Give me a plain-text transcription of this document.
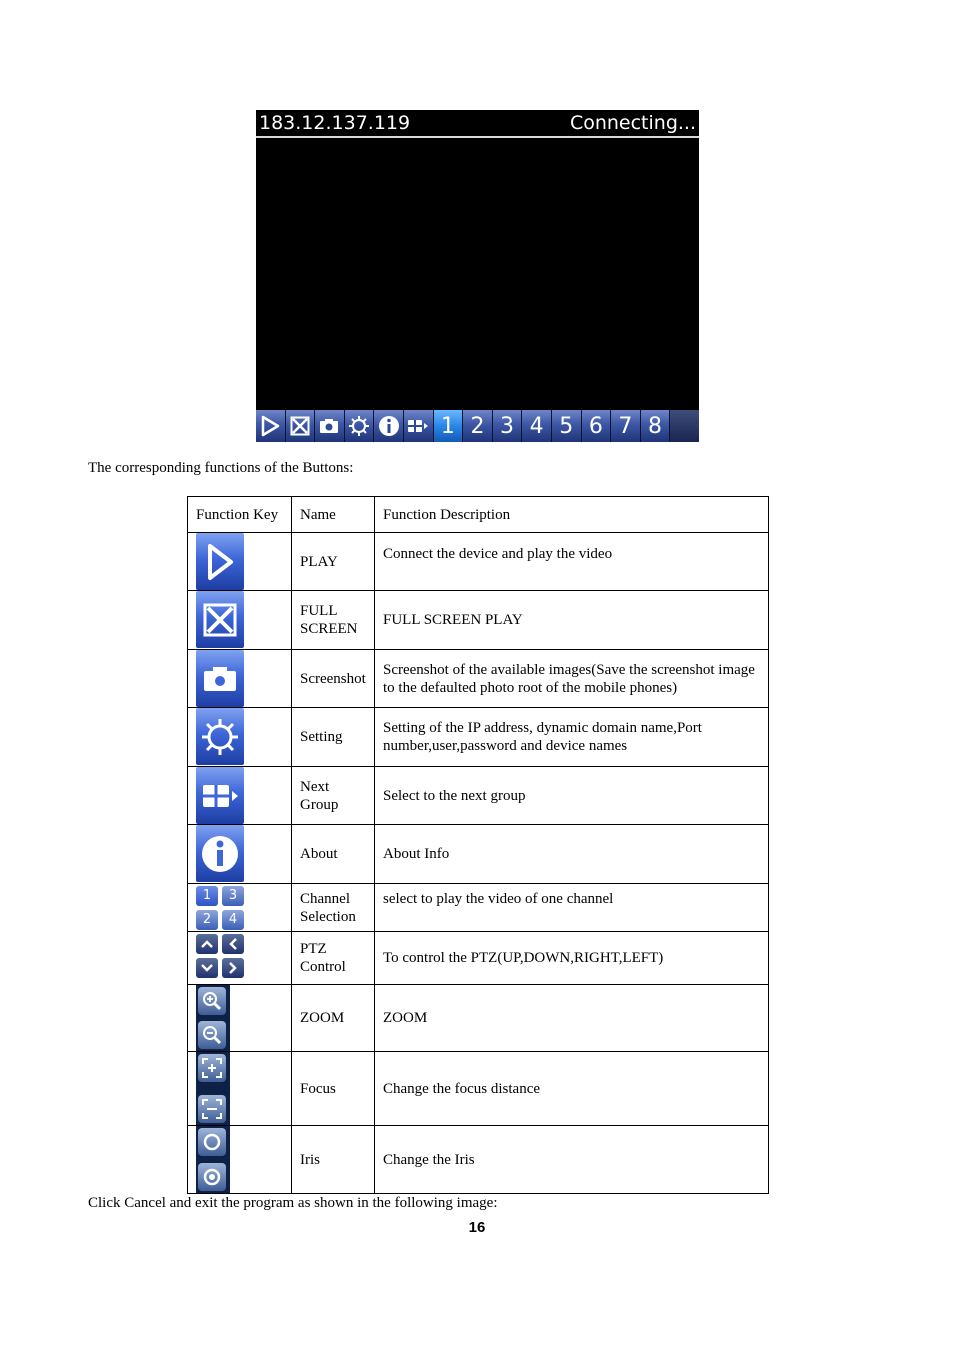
183.12.137.119	Connecting...
1 2 3 4 5 6 7 8
The corresponding functions of the Buttons:
Function Key	Name	Function Description

	PLAY	Connect the device and play the video

	FULL SCREEN	FULL SCREEN PLAY

	Screenshot	Screenshot of the available images(Save the screenshot image to the defaulted photo root of the mobile phones)

	Setting	Setting of the IP address, dynamic domain name,Port number,user,password and device names

	Next Group	Select to the next group

	About	About Info

1 3
2 4	Channel Selection	select to play the video of one channel

	PTZ Control	To control the PTZ(UP,DOWN,RIGHT,LEFT)

	ZOOM	ZOOM

	Focus	Change the focus distance

	Iris	Change the Iris
Click Cancel and exit the program as shown in the following image:
16
